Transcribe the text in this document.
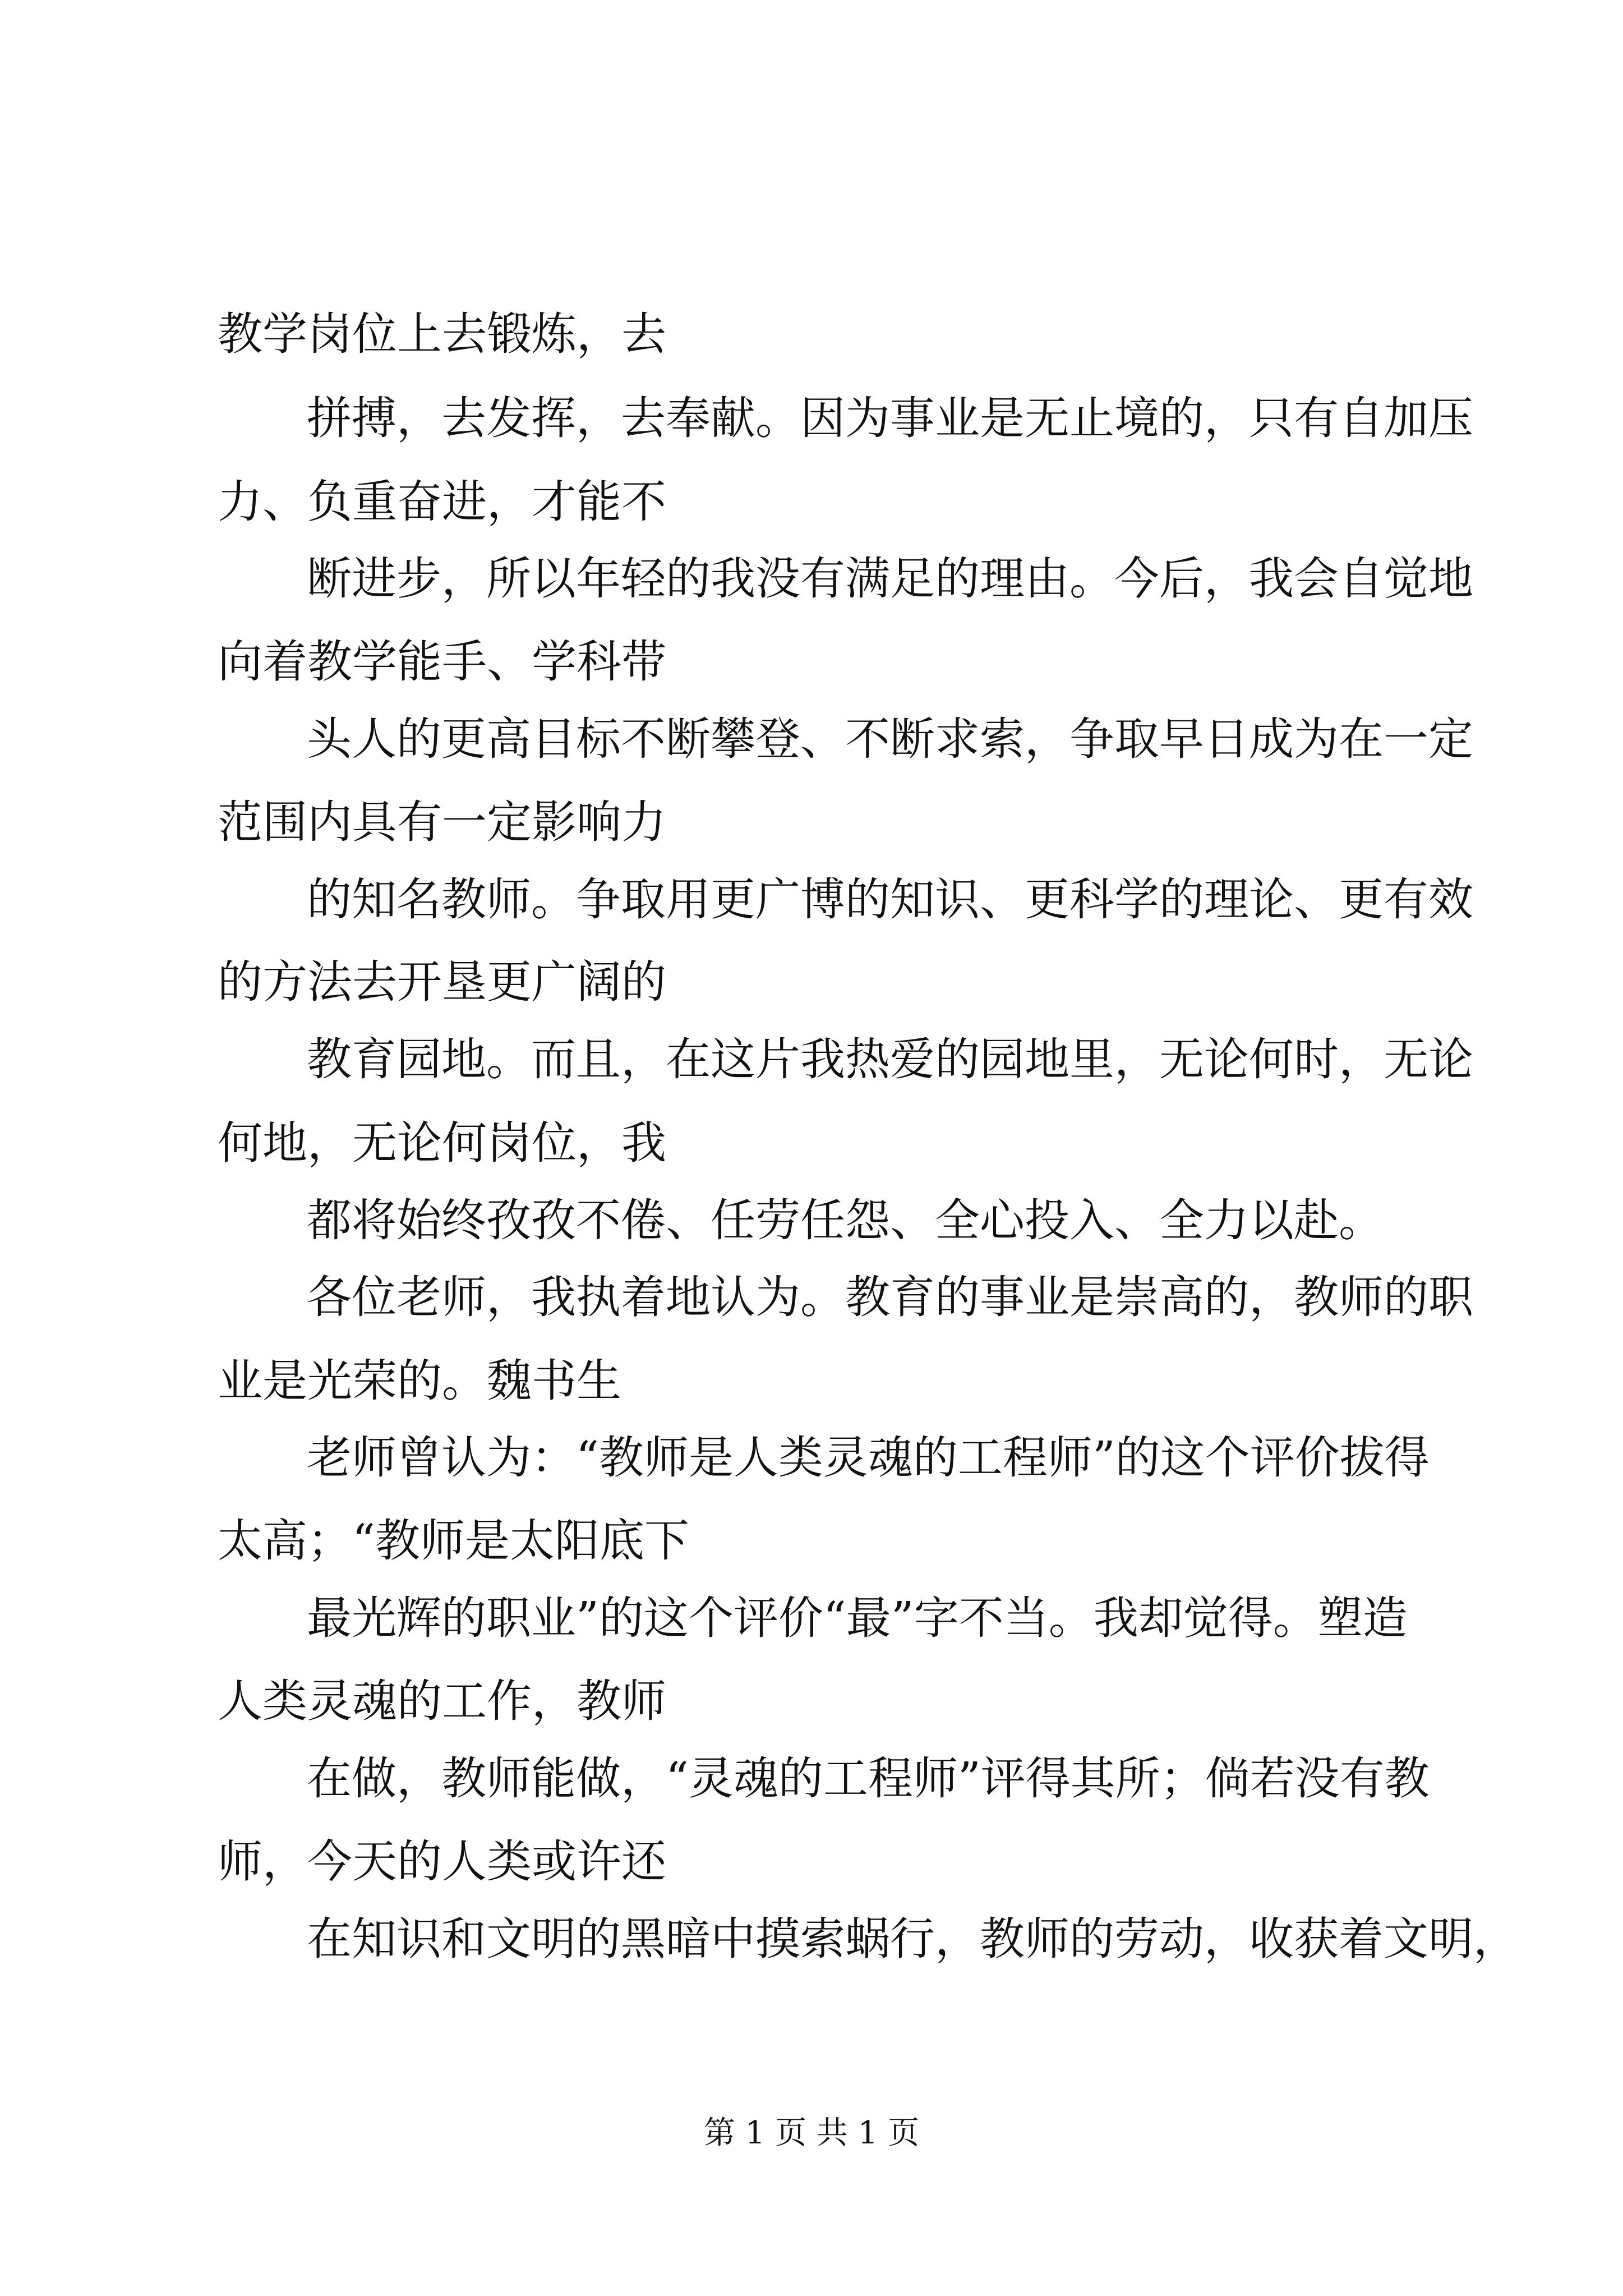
教学岗位上去锻炼，去

拼搏，去发挥，去奉献。因为事业是无止境的，只有自加压

力、负重奋进，才能不

断进步，所以年轻的我没有满足的理由。今后，我会自觉地

向着教学能手、学科带

头人的更高目标不断攀登、不断求索，争取早日成为在一定

范围内具有一定影响力

的知名教师。争取用更广博的知识、更科学的理论、更有效

的方法去开垦更广阔的

教育园地。而且，在这片我热爱的园地里，无论何时，无论

何地，无论何岗位，我

都将始终孜孜不倦、任劳任怨、全心投入、全力以赴。

各位老师，我执着地认为。教育的事业是崇高的，教师的职

业是光荣的。魏书生

老师曾认为：“教师是人类灵魂的工程师”的这个评价拔得

太高；“教师是太阳底下

最光辉的职业”的这个评价“最”字不当。我却觉得。塑造

人类灵魂的工作，教师

在做，教师能做，“灵魂的工程师”评得其所；倘若没有教

师，今天的人类或许还

在知识和文明的黑暗中摸索蜗行，教师的劳动，收获着文明，

第 1 页 共 1 页
